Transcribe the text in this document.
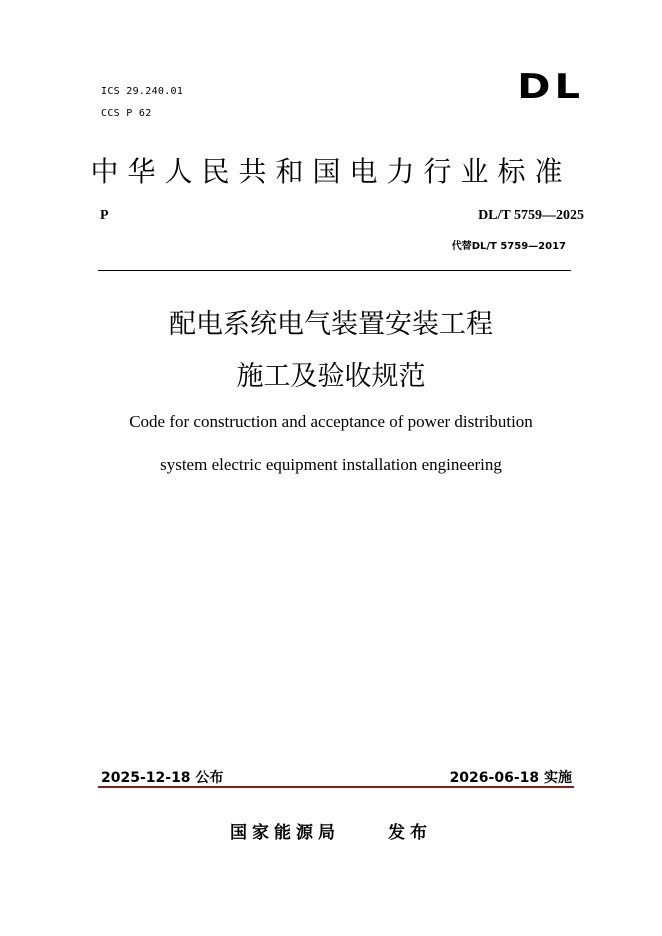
ICS 29.240.01
CCS P 62
DL
中华人民共和国电力行业标准
P	DL/T 5759—2025
代替DL/T 5759—2017
配电系统电气装置安装工程
施工及验收规范
Code for construction and acceptance of power distribution
system electric equipment installation engineering
2025-12-18 公布	2026-06-18 实施
国家能源局	发布
